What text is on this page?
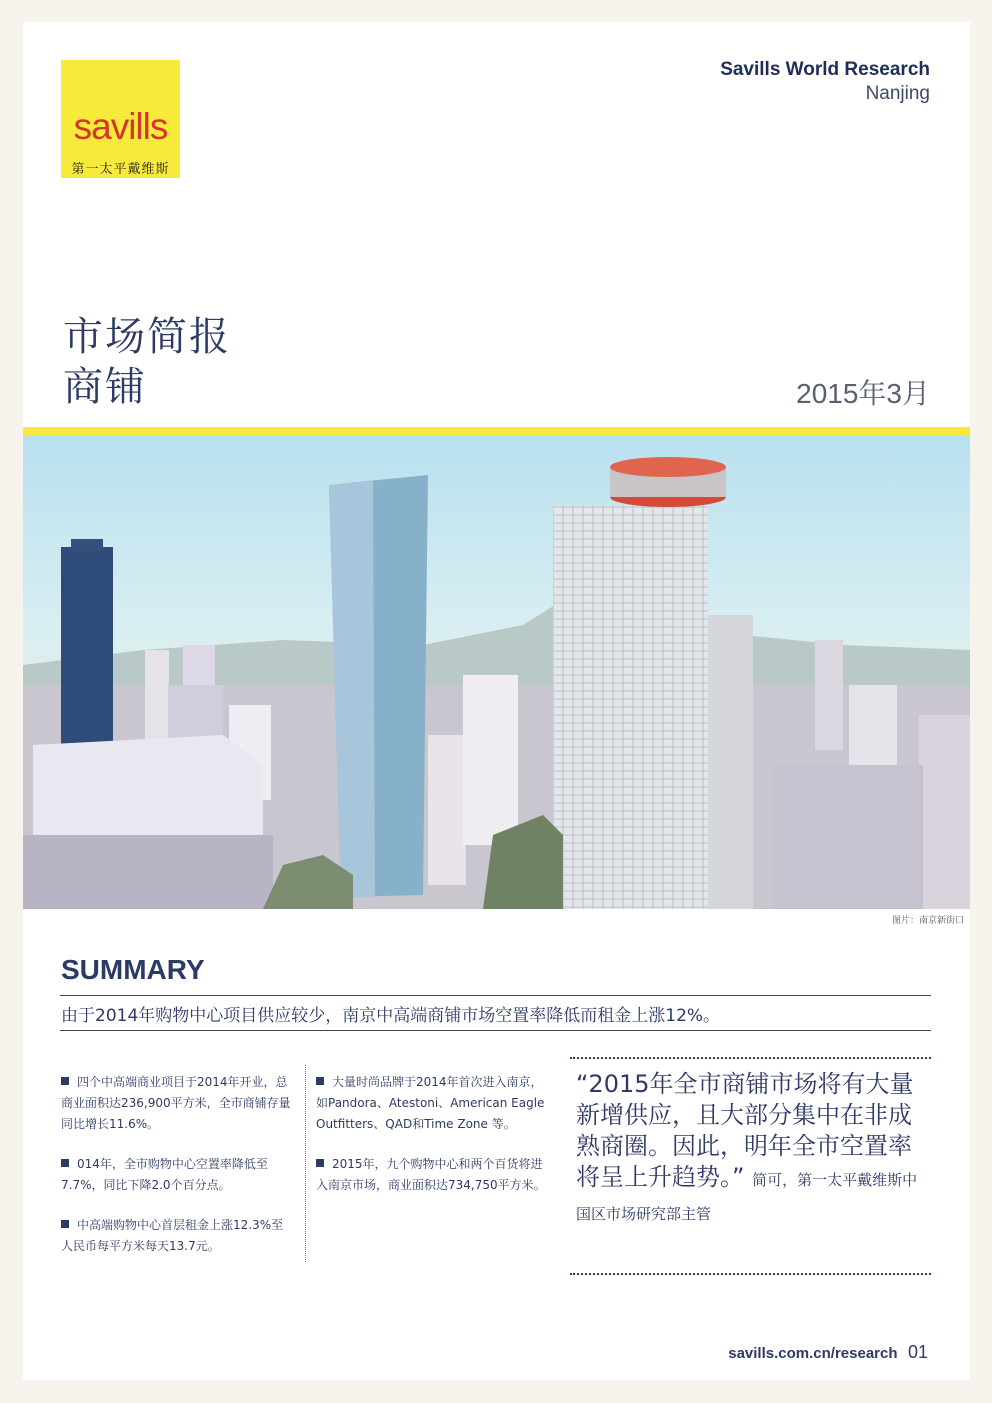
savills
第一太平戴维斯
Savills World Research
Nanjing
市场简报
商铺	2015年3月
图片：南京新街口
SUMMARY
由于2014年购物中心项目供应较少，南京中高端商铺市场空置率降低而租金上涨12%。
四个中高端商业项目于2014年开业，总商业面积达236,900平方米，全市商铺存量同比增长11.6%。
014年，全市购物中心空置率降低至7.7%，同比下降2.0个百分点。
中高端购物中心首层租金上涨12.3%至人民币每平方米每天13.7元。
大量时尚品牌于2014年首次进入南京，如Pandora、Atestoni、American Eagle Outfitters、QAD和Time Zone 等。
2015年，九个购物中心和两个百货将进入南京市场，商业面积达734,750平方米。
“2015年全市商铺市场将有大量新增供应，且大部分集中在非成熟商圈。因此，明年全市空置率将呈上升趋势。” 简可，第一太平戴维斯中国区市场研究部主管
savills.com.cn/research 01
